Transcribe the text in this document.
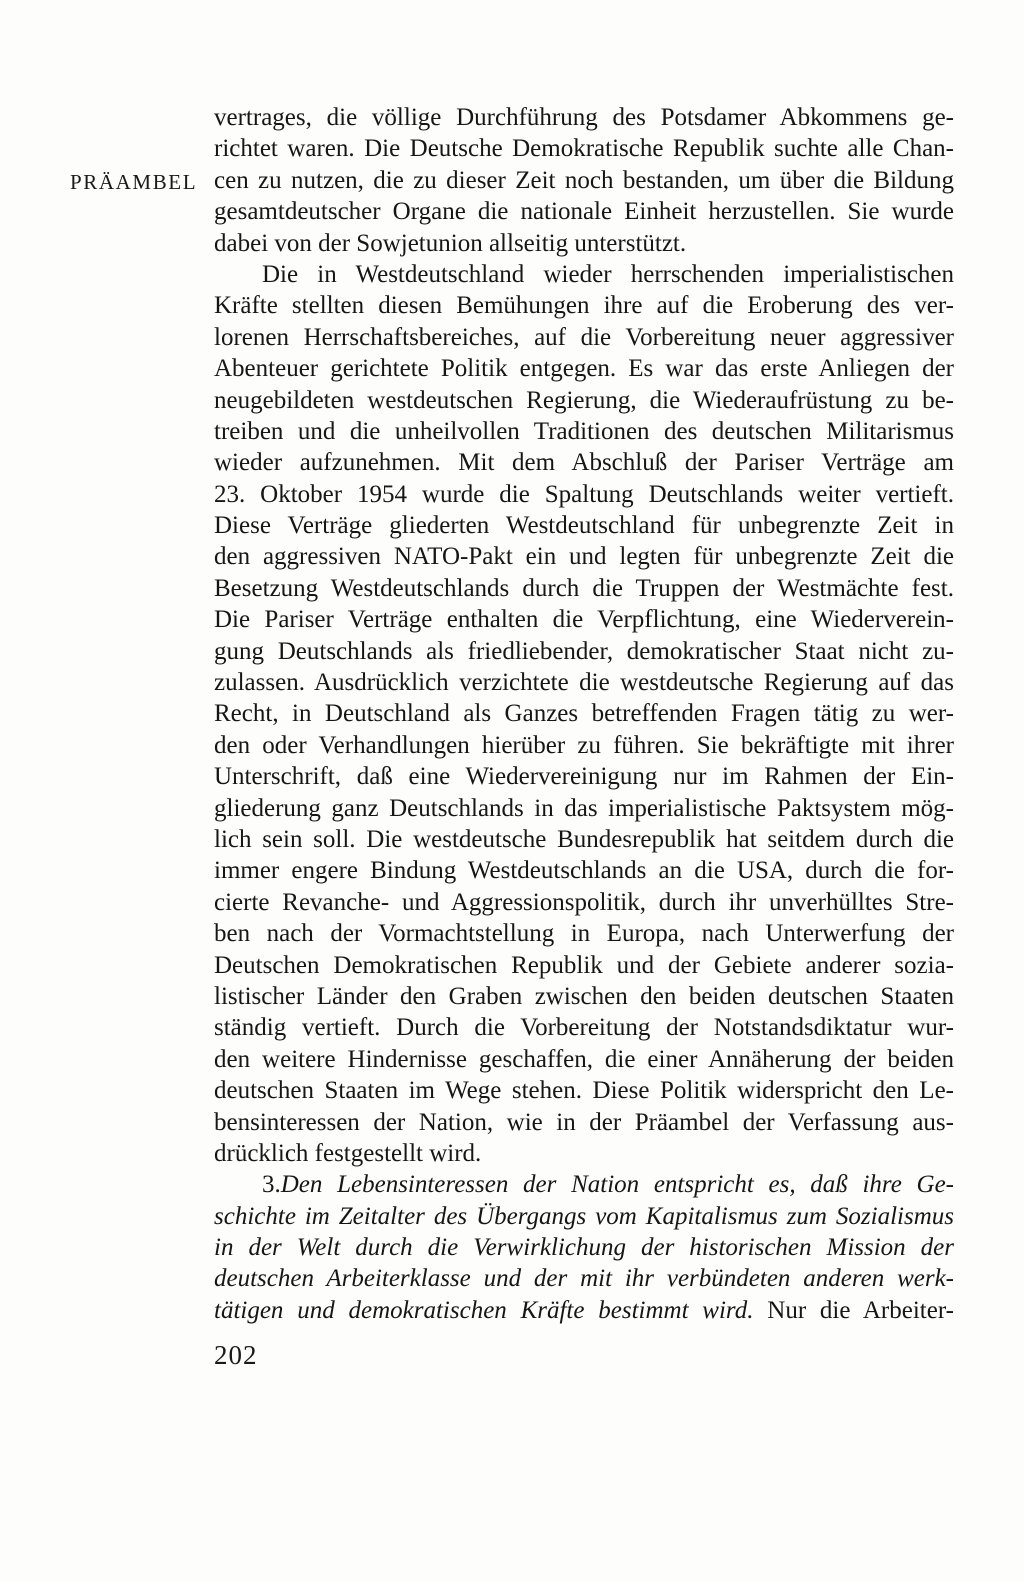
PRÄAMBEL
vertrages, die völlige Durchführung des Potsdamer Abkommens ge-
richtet waren. Die Deutsche Demokratische Republik suchte alle Chan-
cen zu nutzen, die zu dieser Zeit noch bestanden, um über die Bildung
gesamtdeutscher Organe die nationale Einheit herzustellen. Sie wurde
dabei von der Sowjetunion allseitig unterstützt.
Die in Westdeutschland wieder herrschenden imperialistischen
Kräfte stellten diesen Bemühungen ihre auf die Eroberung des ver-
lorenen Herrschaftsbereiches, auf die Vorbereitung neuer aggressiver
Abenteuer gerichtete Politik entgegen. Es war das erste Anliegen der
neugebildeten westdeutschen Regierung, die Wiederaufrüstung zu be-
treiben und die unheilvollen Traditionen des deutschen Militarismus
wieder aufzunehmen. Mit dem Abschluß der Pariser Verträge am
23. Oktober 1954 wurde die Spaltung Deutschlands weiter vertieft.
Diese Verträge gliederten Westdeutschland für unbegrenzte Zeit in
den aggressiven NATO-Pakt ein und legten für unbegrenzte Zeit die
Besetzung Westdeutschlands durch die Truppen der Westmächte fest.
Die Pariser Verträge enthalten die Verpflichtung, eine Wiederverein-
gung Deutschlands als friedliebender, demokratischer Staat nicht zu-
zulassen. Ausdrücklich verzichtete die westdeutsche Regierung auf das
Recht, in Deutschland als Ganzes betreffenden Fragen tätig zu wer-
den oder Verhandlungen hierüber zu führen. Sie bekräftigte mit ihrer
Unterschrift, daß eine Wiedervereinigung nur im Rahmen der Ein-
gliederung ganz Deutschlands in das imperialistische Paktsystem mög-
lich sein soll. Die westdeutsche Bundesrepublik hat seitdem durch die
immer engere Bindung Westdeutschlands an die USA, durch die for-
cierte Revanche- und Aggressionspolitik, durch ihr unverhülltes Stre-
ben nach der Vormachtstellung in Europa, nach Unterwerfung der
Deutschen Demokratischen Republik und der Gebiete anderer sozia-
listischer Länder den Graben zwischen den beiden deutschen Staaten
ständig vertieft. Durch die Vorbereitung der Notstandsdiktatur wur-
den weitere Hindernisse geschaffen, die einer Annäherung der beiden
deutschen Staaten im Wege stehen. Diese Politik widerspricht den Le-
bensinteressen der Nation, wie in der Präambel der Verfassung aus-
drücklich festgestellt wird.
3.Den Lebensinteressen der Nation entspricht es, daß ihre Ge-
schichte im Zeitalter des Übergangs vom Kapitalismus zum Sozialismus
in der Welt durch die Verwirklichung der historischen Mission der
deutschen Arbeiterklasse und der mit ihr verbündeten anderen werk-
tätigen und demokratischen Kräfte bestimmt wird. Nur die Arbeiter-
202
